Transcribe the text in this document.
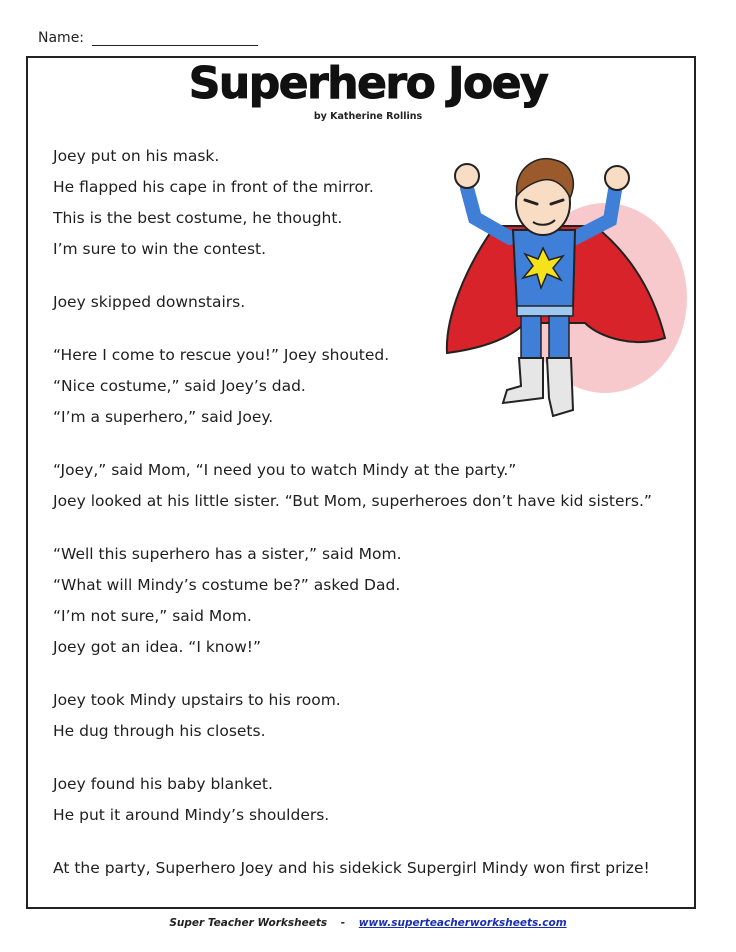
Name:
Superhero Joey
by Katherine Rollins
Joey put on his mask.
He flapped his cape in front of the mirror.
This is the best costume, he thought.
I’m sure to win the contest.
Joey skipped downstairs.
“Here I come to rescue you!” Joey shouted.
“Nice costume,” said Joey’s dad.
“I’m a superhero,” said Joey.
“Joey,” said Mom, “I need you to watch Mindy at the party.”
Joey looked at his little sister. “But Mom, superheroes don’t have kid sisters.”
“Well this superhero has a sister,” said Mom.
“What will Mindy’s costume be?” asked Dad.
“I’m not sure,” said Mom.
Joey got an idea. “I know!”
Joey took Mindy upstairs to his room.
He dug through his closets.
Joey found his baby blanket.
He put it around Mindy’s shoulders.
At the party, Superhero Joey and his sidekick Supergirl Mindy won first prize!
Super Teacher Worksheets - www.superteacherworksheets.com
